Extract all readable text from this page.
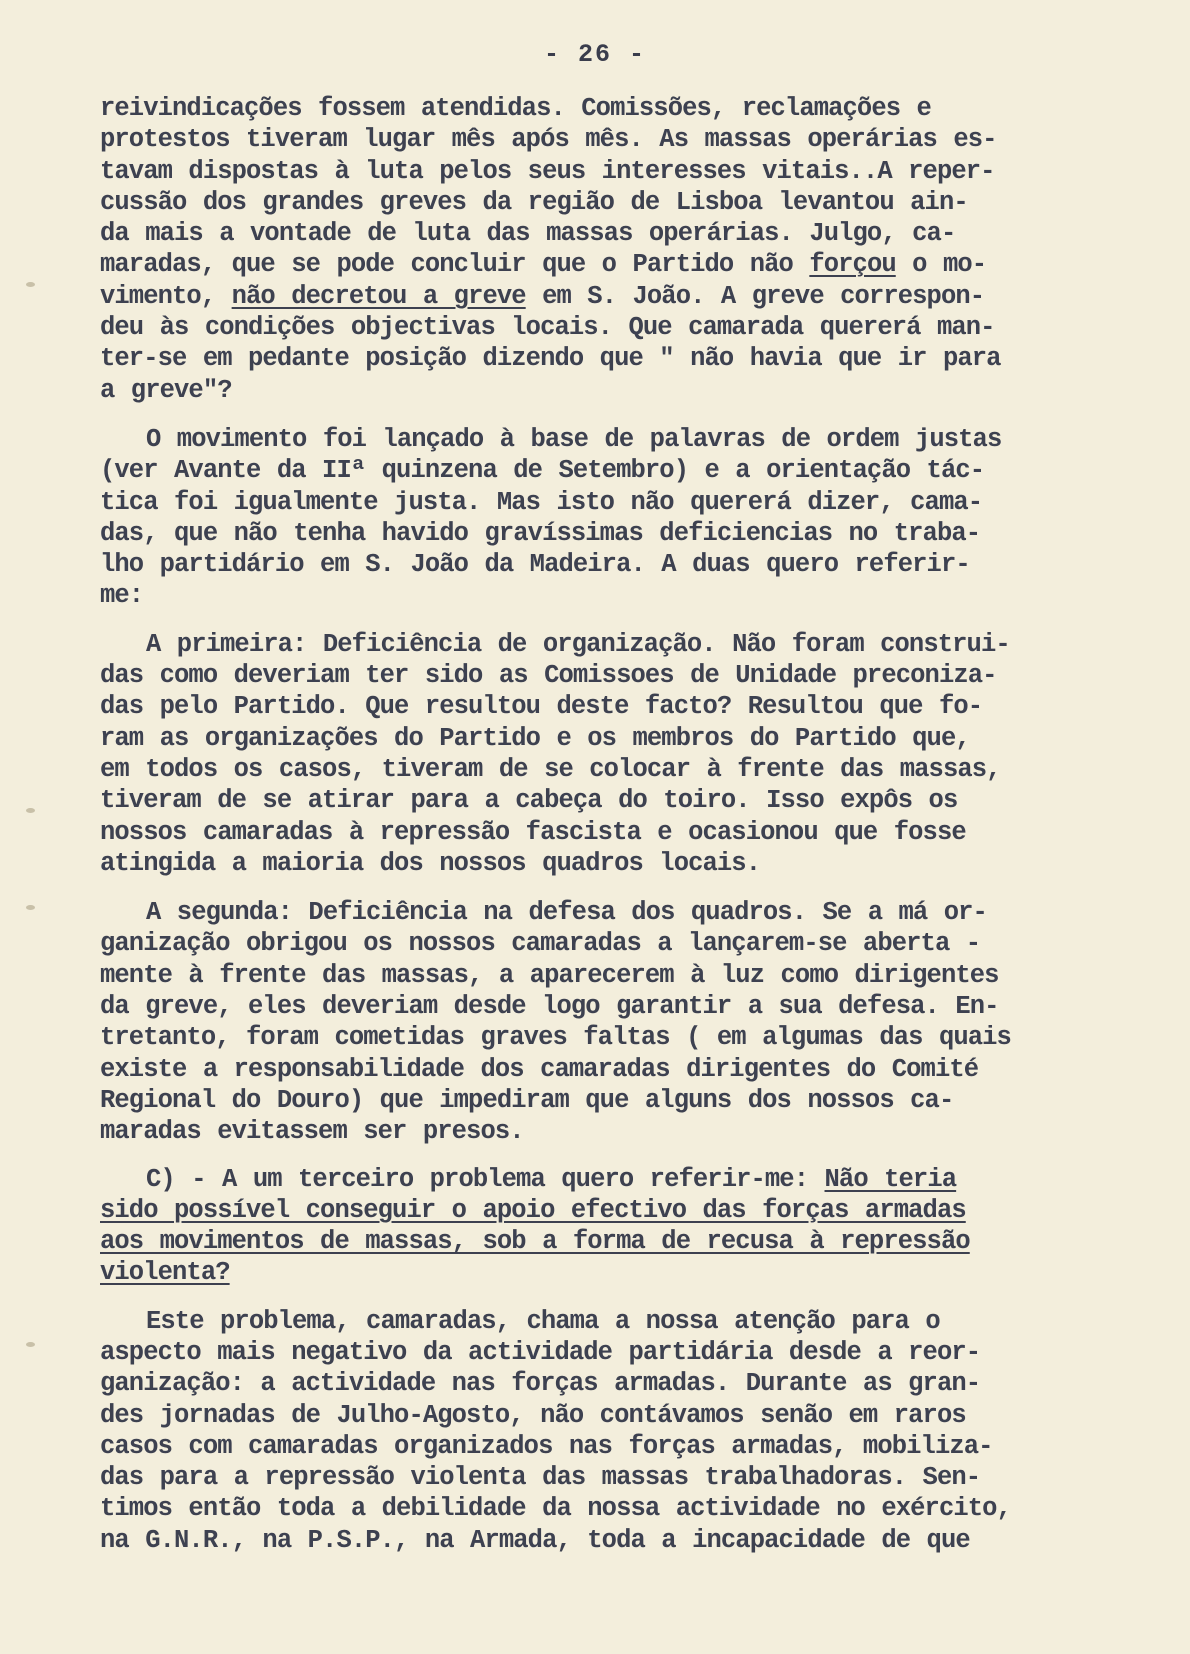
- 26 -

reivindicações fossem atendidas. Comissões, reclamações e
protestos tiveram lugar mês após mês. As massas operárias es-
tavam dispostas à luta pelos seus interesses vitais..A reper-
cussão dos grandes greves da região de Lisboa levantou ain-
da mais a vontade de luta das massas operárias. Julgo, ca-
maradas, que se pode concluir que o Partido não forçou o mo-
vimento, não decretou a greve em S. João. A greve correspon-
deu às condições objectivas locais. Que camarada quererá man-
ter-se em pedante posição dizendo que " não havia que ir para
a greve"?

O movimento foi lançado à base de palavras de ordem justas
(ver Avante da IIª quinzena de Setembro) e a orientação tác-
tica foi igualmente justa. Mas isto não quererá dizer, cama-
das, que não tenha havido gravíssimas deficiencias no traba-
lho partidário em S. João da Madeira. A duas quero referir-
me:

A primeira: Deficiência de organização. Não foram construi-
das como deveriam ter sido as Comissoes de Unidade preconiza-
das pelo Partido. Que resultou deste facto? Resultou que fo-
ram as organizações do Partido e os membros do Partido que,
em todos os casos, tiveram de se colocar à frente das massas,
tiveram de se atirar para a cabeça do toiro. Isso expôs os
nossos camaradas à repressão fascista e ocasionou que fosse
atingida a maioria dos nossos quadros locais.

A segunda: Deficiência na defesa dos quadros. Se a má or-
ganização obrigou os nossos camaradas a lançarem-se aberta -
mente à frente das massas, a aparecerem à luz como dirigentes
da greve, eles deveriam desde logo garantir a sua defesa. En-
tretanto, foram cometidas graves faltas ( em algumas das quais
existe a responsabilidade dos camaradas dirigentes do Comité
Regional do Douro) que impediram que alguns dos nossos ca-
maradas evitassem ser presos.

C) - A um terceiro problema quero referir-me: Não teria
sido possível conseguir o apoio efectivo das forças armadas
aos movimentos de massas, sob a forma de recusa à repressão
violenta?

Este problema, camaradas, chama a nossa atenção para o
aspecto mais negativo da actividade partidária desde a reor-
ganização: a actividade nas forças armadas. Durante as gran-
des jornadas de Julho-Agosto, não contávamos senão em raros
casos com camaradas organizados nas forças armadas, mobiliza-
das para a repressão violenta das massas trabalhadoras. Sen-
timos então toda a debilidade da nossa actividade no exército,
na G.N.R., na P.S.P., na Armada, toda a incapacidade de que
